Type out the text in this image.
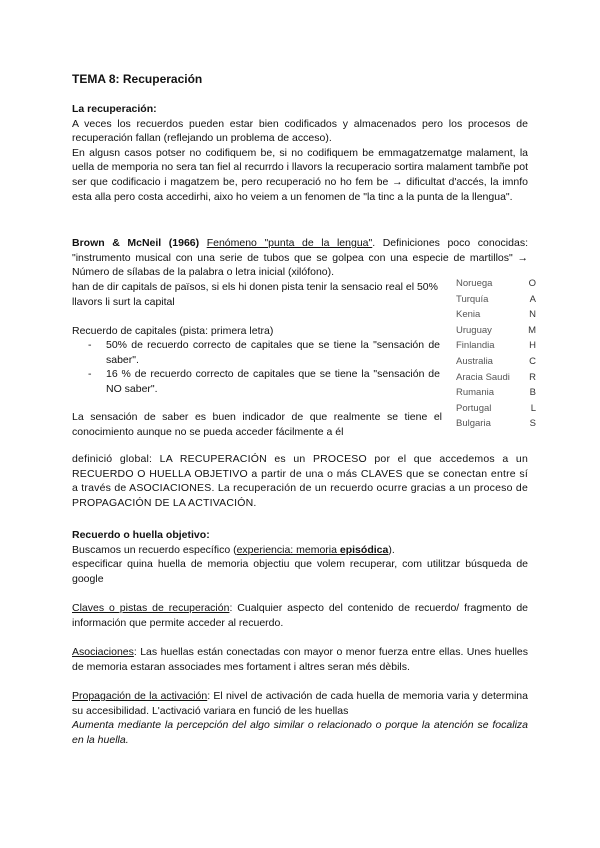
TEMA 8: Recuperación
La recuperación:
A veces los recuerdos pueden estar bien codificados y almacenados pero los procesos de recuperación fallan (reflejando un problema de acceso).
En algusn casos potser no codifiquem be, si no codifiquem be emmagatzematge malament, la uella de memporia no sera tan fiel al recurrdo i llavors la recuperacio sortira malament tambñe pot ser que codificacio i magatzem be, pero recuperació no ho fem be → dificultat d'accés, la imnfo esta alla pero costa accedirhi, aixo ho veiem a un fenomen de "la tinc a la punta de la llengua".
Brown & McNeil (1966) Fenómeno "punta de la lengua". Definiciones poco conocidas: "instrumento musical con una serie de tubos que se golpea con una especie de martillos" → Número de sílabas de la palabra o letra inicial (xilófono).
han de dir capitals de països, si els hi donen pista tenir la sensacio real el 50% llavors li surt la capital
Recuerdo de capitales (pista: primera letra)
-	50% de recuerdo correcto de capitales que se tiene la "sensación de saber".
-	16 % de recuerdo correcto de capitales que se tiene la "sensación de NO saber".
La sensación de saber es buen indicador de que realmente se tiene el conocimiento aunque no se pueda acceder fácilmente a él
Noruega	O
Turquía	A
Kenia	N
Uruguay	M
Finlandia	H
Australia	C
Aracia Saudi R
Rumania	B
Portugal	L
Bulgaria	S
definició global: LA RECUPERACIÓN es un PROCESO por el que accedemos a un RECUERDO O HUELLA OBJETIVO a partir de una o más CLAVES que se conectan entre sí a través de ASOCIACIONES. La recuperación de un recuerdo ocurre gracias a un proceso de PROPAGACIÓN DE LA ACTIVACIÓN.
Recuerdo o huella objetivo:
Buscamos un recuerdo específico (experiencia: memoria episódica).
especificar quina huella de memoria objectiu que volem recuperar, com utilitzar búsqueda de google
Claves o pistas de recuperación: Cualquier aspecto del contenido de recuerdo/ fragmento de información que permite acceder al recuerdo.
Asociaciones: Las huellas están conectadas con mayor o menor fuerza entre ellas. Unes huelles de memoria estaran associades mes fortament i altres seran més dèbils.
Propagación de la activación: El nivel de activación de cada huella de memoria varia y determina su accesibilidad. L'activació variara en funció de les huellas
Aumenta mediante la percepción del algo similar o relacionado o porque la atención se focaliza en la huella.
